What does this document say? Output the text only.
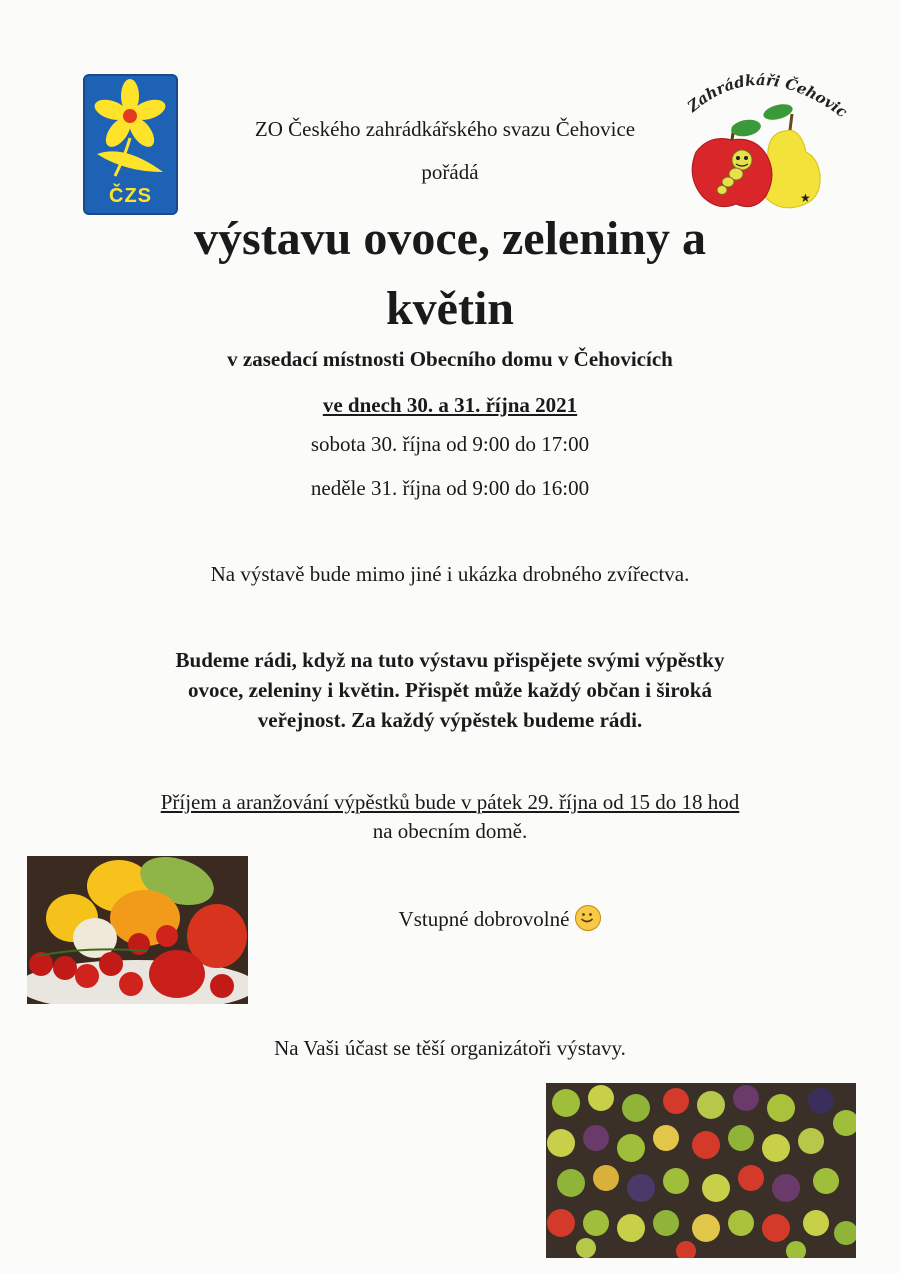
ČZS
Zahrádkáři Čehovic
★
ZO Českého zahrádkářského svazu Čehovice
pořádá
výstavu ovoce, zeleniny a
květin
v zasedací místnosti Obecního domu v Čehovicích
ve dnech 30. a 31. října 2021
sobota 30. října od 9:00 do 17:00
neděle 31. října od 9:00 do 16:00
Na výstavě bude mimo jiné i ukázka drobného zvířectva.
Budeme rádi, když na tuto výstavu přispějete svými výpěstky
ovoce, zeleniny i květin. Přispět může každý občan i široká
veřejnost. Za každý výpěstek budeme rádi.
Příjem a aranžování výpěstků bude v pátek 29. října od 15 do 18 hod
na obecním domě.
Vstupné dobrovolné
Na Vaši účast se těší organizátoři výstavy.
